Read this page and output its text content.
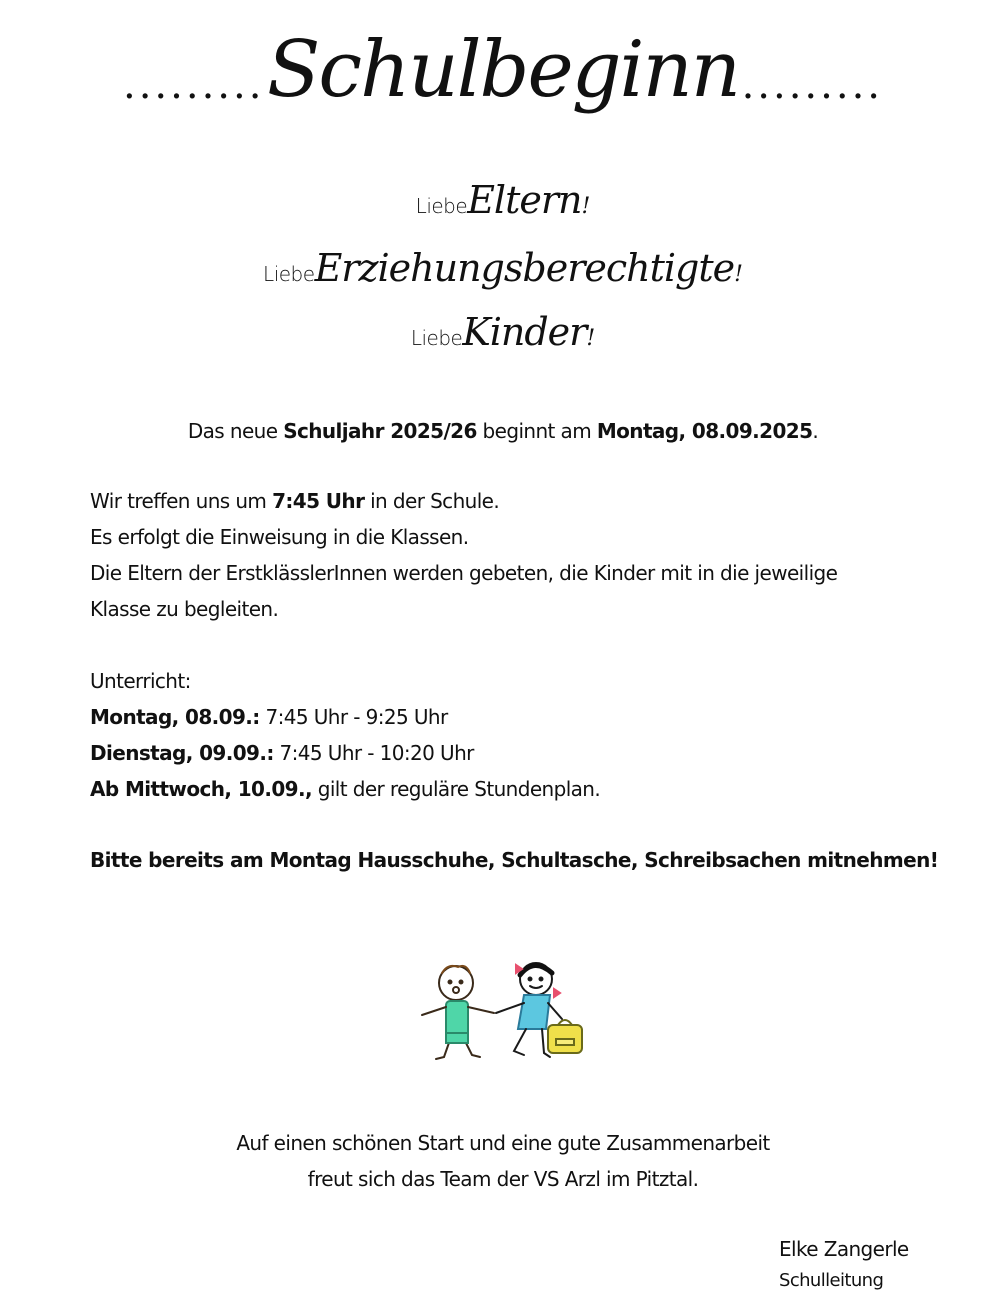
......... Schulbeginn .........
LiebeEltern!
LiebeErziehungsberechtigte!
LiebeKinder!
Das neue Schuljahr 2025/26 beginnt am Montag, 08.09.2025.
Wir treffen uns um 7:45 Uhr in der Schule.
Es erfolgt die Einweisung in die Klassen.
Die Eltern der ErstklässlerInnen werden gebeten, die Kinder mit in die jeweilige
Klasse zu begleiten.
Unterricht:
Montag, 08.09.: 7:45 Uhr - 9:25 Uhr
Dienstag, 09.09.: 7:45 Uhr - 10:20 Uhr
Ab Mittwoch, 10.09., gilt der reguläre Stundenplan.
Bitte bereits am Montag Hausschuhe, Schultasche, Schreibsachen mitnehmen!
Auf einen schönen Start und eine gute Zusammenarbeit
freut sich das Team der VS Arzl im Pitztal.
Elke Zangerle
Schulleitung
